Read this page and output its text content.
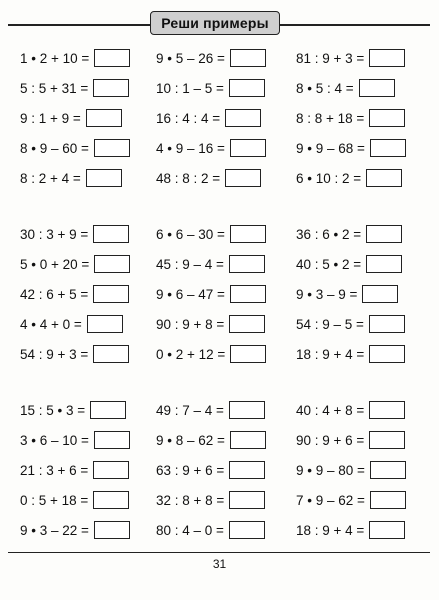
Реши примеры
1 • 2 + 10 =	9 • 5 – 26 =	81 : 9 + 3 =
5 : 5 + 31 =	10 : 1 – 5 =	8 • 5 : 4 =
9 : 1 + 9 =	16 : 4 : 4 =	8 : 8 + 18 =
8 • 9 – 60 =	4 • 9 – 16 =	9 • 9 – 68 =
8 : 2 + 4 =	48 : 8 : 2 =	6 • 10 : 2 =
30 : 3 + 9 =	6 • 6 – 30 =	36 : 6 • 2 =
5 • 0 + 20 =	45 : 9 – 4 =	40 : 5 • 2 =
42 : 6 + 5 =	9 • 6 – 47 =	9 • 3 – 9 =
4 • 4 + 0 =	90 : 9 + 8 =	54 : 9 – 5 =
54 : 9 + 3 =	0 • 2 + 12 =	18 : 9 + 4 =
15 : 5 • 3 =	49 : 7 – 4 =	40 : 4 + 8 =
3 • 6 – 10 =	9 • 8 – 62 =	90 : 9 + 6 =
21 : 3 + 6 =	63 : 9 + 6 =	9 • 9 – 80 =
0 : 5 + 18 =	32 : 8 + 8 =	7 • 9 – 62 =
9 • 3 – 22 =	80 : 4 – 0 =	18 : 9 + 4 =
31
